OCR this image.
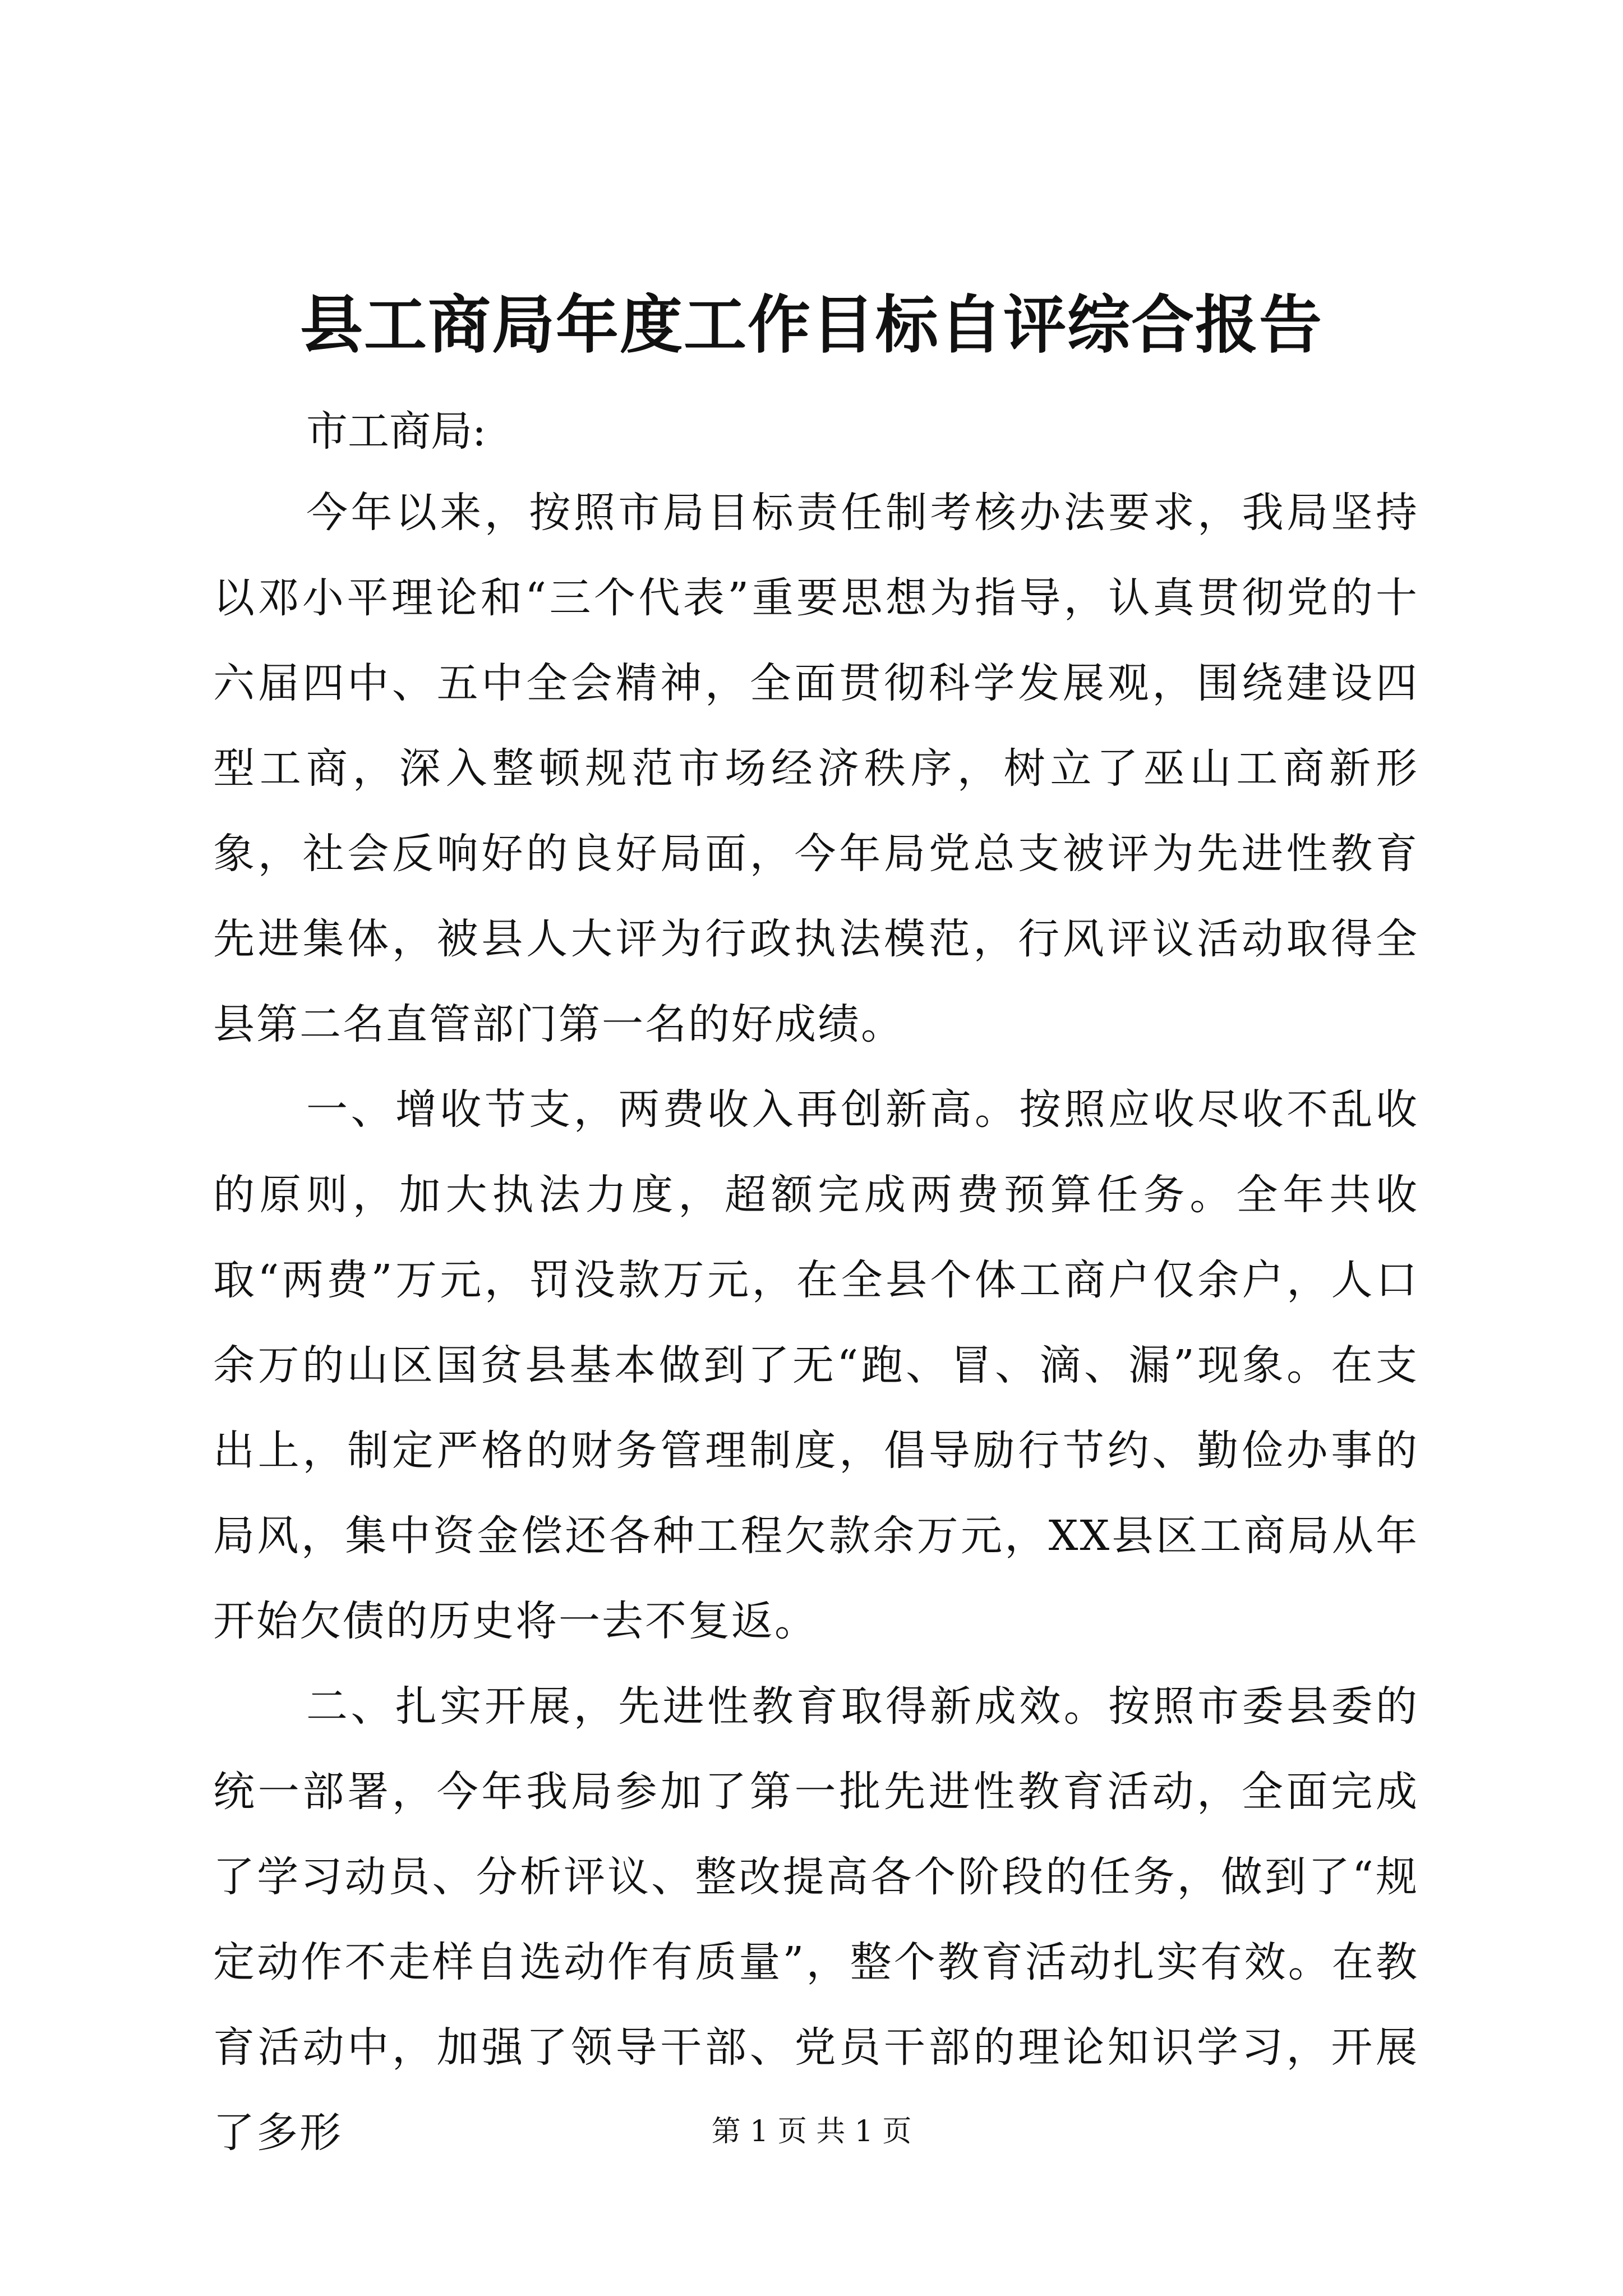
县工商局年度工作目标自评综合报告

市工商局:

今年以来，按照市局目标责任制考核办法要求，我局坚持以邓小平理论和“三个代表”重要思想为指导，认真贯彻党的十六届四中、五中全会精神，全面贯彻科学发展观，围绕建设四型工商，深入整顿规范市场经济秩序，树立了巫山工商新形象，社会反响好的良好局面，今年局党总支被评为先进性教育先进集体，被县人大评为行政执法模范，行风评议活动取得全县第二名直管部门第一名的好成绩。

一、增收节支，两费收入再创新高。按照应收尽收不乱收的原则，加大执法力度，超额完成两费预算任务。全年共收取“两费”万元，罚没款万元，在全县个体工商户仅余户，人口余万的山区国贫县基本做到了无“跑、冒、滴、漏”现象。在支出上，制定严格的财务管理制度，倡导励行节约、勤俭办事的局风，集中资金偿还各种工程欠款余万元，XX县区工商局从年开始欠债的历史将一去不复返。

二、扎实开展，先进性教育取得新成效。按照市委县委的统一部署，今年我局参加了第一批先进性教育活动，全面完成了学习动员、分析评议、整改提高各个阶段的任务，做到了“规定动作不走样自选动作有质量”，整个教育活动扎实有效。在教育活动中，加强了领导干部、党员干部的理论知识学习，开展了多形	第 1 页 共 1 页
